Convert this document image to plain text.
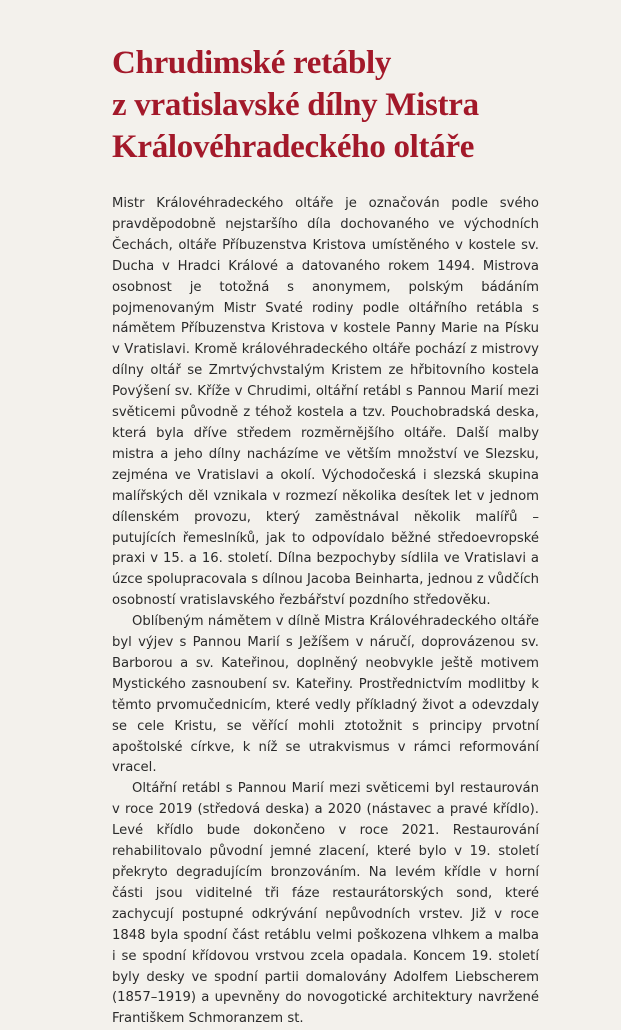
Chrudimské retábly
z vratislavské dílny Mistra
Královéhradeckého oltáře

Mistr Královéhradeckého oltáře je označován podle svého pravděpodobně nejstaršího díla dochovaného ve východních Čechách, oltáře Příbuzenstva Kristova umístěného v kostele sv. Ducha v Hradci Králové a datovaného rokem 1494. Mistrova osobnost je totožná s anonymem, polským bádáním pojmenovaným Mistr Svaté rodiny podle oltářního retábla s námětem Příbuzenstva Kristova v kostele Panny Marie na Písku v Vratislavi. Kromě královéhradeckého oltáře pochází z mistrovy dílny oltář se Zmrtvýchvstalým Kristem ze hřbitovního kostela Povýšení sv. Kříže v Chrudimi, oltářní retábl s Pannou Marií mezi světicemi původně z téhož kostela a tzv. Pouchobradská deska, která byla dříve středem rozměrnějšího oltáře. Další malby mistra a jeho dílny nacházíme ve větším množství ve Slezsku, zejména ve Vratislavi a okolí. Východočeská i slezská skupina malířských děl vznikala v rozmezí několika desítek let v jednom dílenském provozu, který zaměstnával několik malířů – putujících řemeslníků, jak to odpovídalo běžné středoevropské praxi v 15. a 16. století. Dílna bezpochyby sídlila ve Vratislavi a úzce spolupracovala s dílnou Jacoba Beinharta, jednou z vůdčích osobností vratislavského řezbářství pozdního středověku.

Oblíbeným námětem v dílně Mistra Královéhradeckého oltáře byl výjev s Pannou Marií s Ježíšem v náručí, doprovázenou sv. Barborou a sv. Kateřinou, doplněný neobvykle ještě motivem Mystického zasnoubení sv. Kateřiny. Prostřednictvím modlitby k těmto prvomučednicím, které vedly příkladný život a odevzdaly se cele Kristu, se věřící mohli ztotožnit s principy prvotní apoštolské církve, k níž se utrakvismus v rámci reformování vracel.

Oltářní retábl s Pannou Marií mezi světicemi byl restaurován v roce 2019 (středová deska) a 2020 (nástavec a pravé křídlo). Levé křídlo bude dokončeno v roce 2021. Restaurování rehabilitovalo původní jemné zlacení, které bylo v 19. století překryto degradujícím bronzováním. Na levém křídle v horní části jsou viditelné tři fáze restaurátorských sond, které zachycují postupné odkrývání nepůvodních vrstev. Již v roce 1848 byla spodní část retáblu velmi poškozena vlhkem a malba i se spodní křídovou vrstvou zcela opadala. Koncem 19. století byly desky ve spodní partii domalovány Adolfem Liebscherem (1857–1919) a upevněny do novogotické architektury navržené Františkem Schmoranzem st.
